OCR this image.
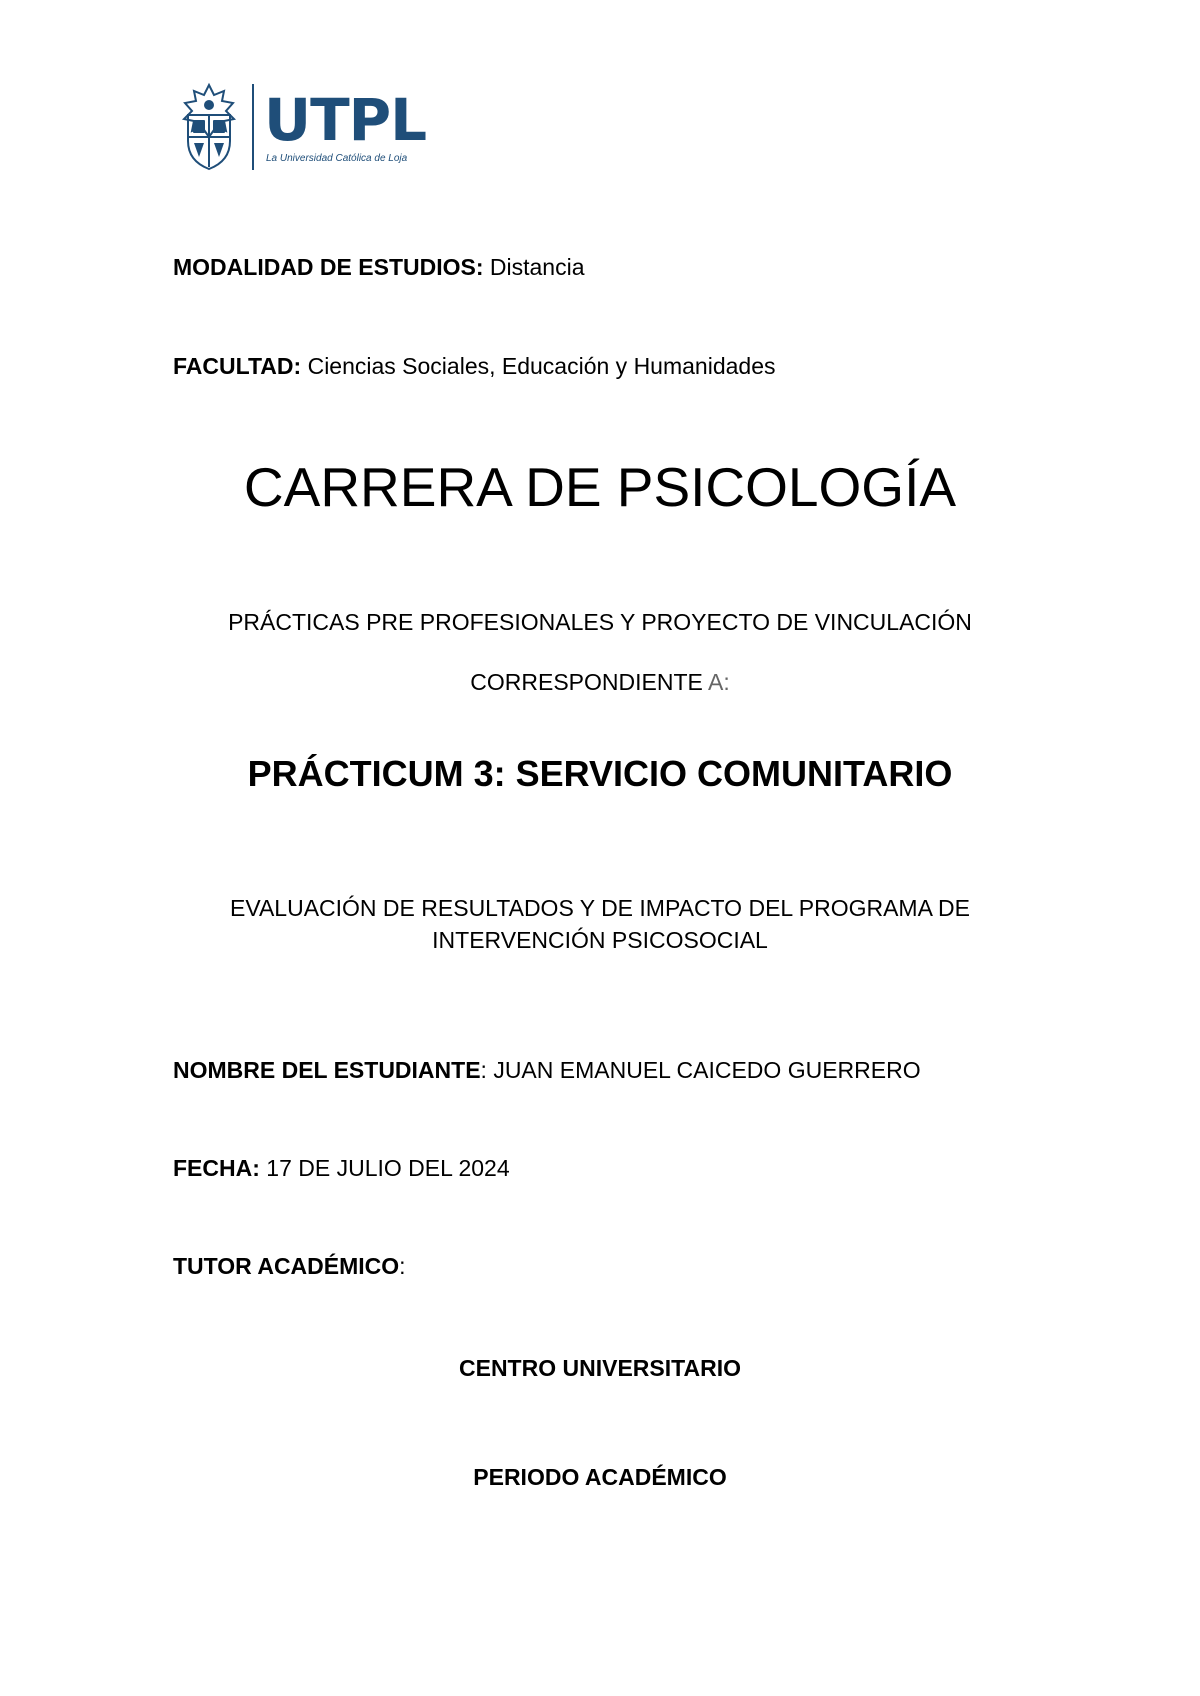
UTPL
La Universidad Católica de Loja
MODALIDAD DE ESTUDIOS: Distancia
FACULTAD: Ciencias Sociales, Educación y Humanidades
CARRERA DE PSICOLOGÍA
PRÁCTICAS PRE PROFESIONALES Y PROYECTO DE VINCULACIÓN
CORRESPONDIENTE A:
PRÁCTICUM 3: SERVICIO COMUNITARIO
EVALUACIÓN DE RESULTADOS Y DE IMPACTO DEL PROGRAMA DE
INTERVENCIÓN PSICOSOCIAL
NOMBRE DEL ESTUDIANTE: JUAN EMANUEL CAICEDO GUERRERO
FECHA: 17 DE JULIO DEL 2024
TUTOR ACADÉMICO:
CENTRO UNIVERSITARIO
PERIODO ACADÉMICO
